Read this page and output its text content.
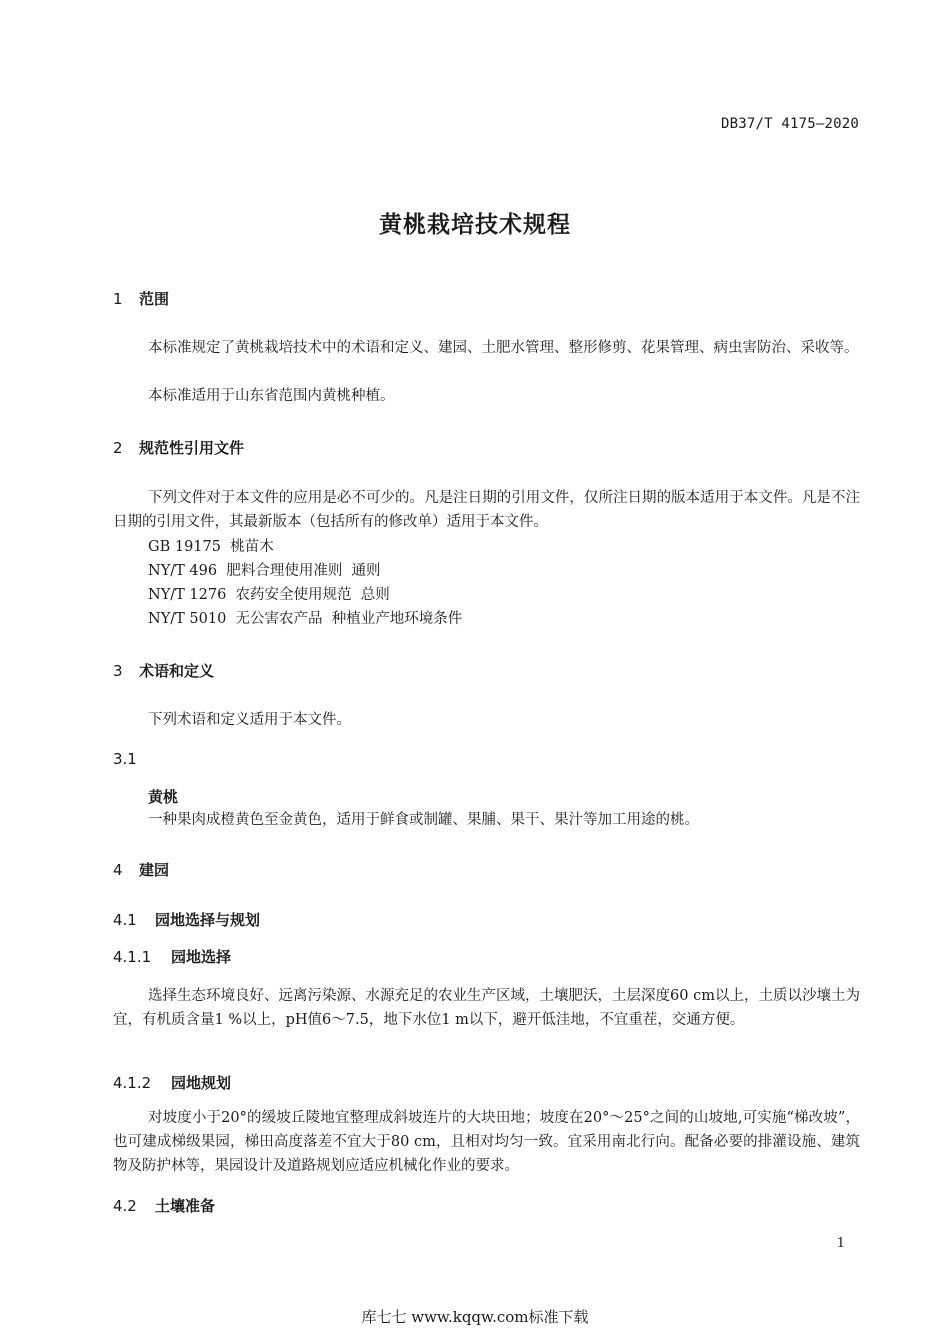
DB37/T 4175—2020
黄桃栽培技术规程
1 范围
本标准规定了黄桃栽培技术中的术语和定义、建园、土肥水管理、整形修剪、花果管理、病虫害防治、采收等。
本标准适用于山东省范围内黄桃种植。
2 规范性引用文件
下列文件对于本文件的应用是必不可少的。凡是注日期的引用文件，仅所注日期的版本适用于本文件。凡是不注日期的引用文件，其最新版本（包括所有的修改单）适用于本文件。
GB 19175  桃苗木
NY/T 496  肥料合理使用准则  通则
NY/T 1276  农药安全使用规范  总则
NY/T 5010  无公害农产品  种植业产地环境条件
3 术语和定义
下列术语和定义适用于本文件。
3.1
黄桃
一种果肉成橙黄色至金黄色，适用于鲜食或制罐、果脯、果干、果汁等加工用途的桃。
4 建园
4.1 园地选择与规划
4.1.1 园地选择
选择生态环境良好、远离污染源、水源充足的农业生产区域，土壤肥沃，土层深度60 cm以上，土质以沙壤土为宜，有机质含量1 %以上，pH值6～7.5，地下水位1 m以下，避开低洼地，不宜重茬，交通方便。
4.1.2 园地规划
对坡度小于20°的缓坡丘陵地宜整理成斜坡连片的大块田地；坡度在20°～25°之间的山坡地,可实施“梯改坡”，也可建成梯级果园，梯田高度落差不宜大于80 cm，且相对均匀一致。宜采用南北行向。配备必要的排灌设施、建筑物及防护林等，果园设计及道路规划应适应机械化作业的要求。
4.2 土壤准备
1
库七七 www.kqqw.com标准下载
